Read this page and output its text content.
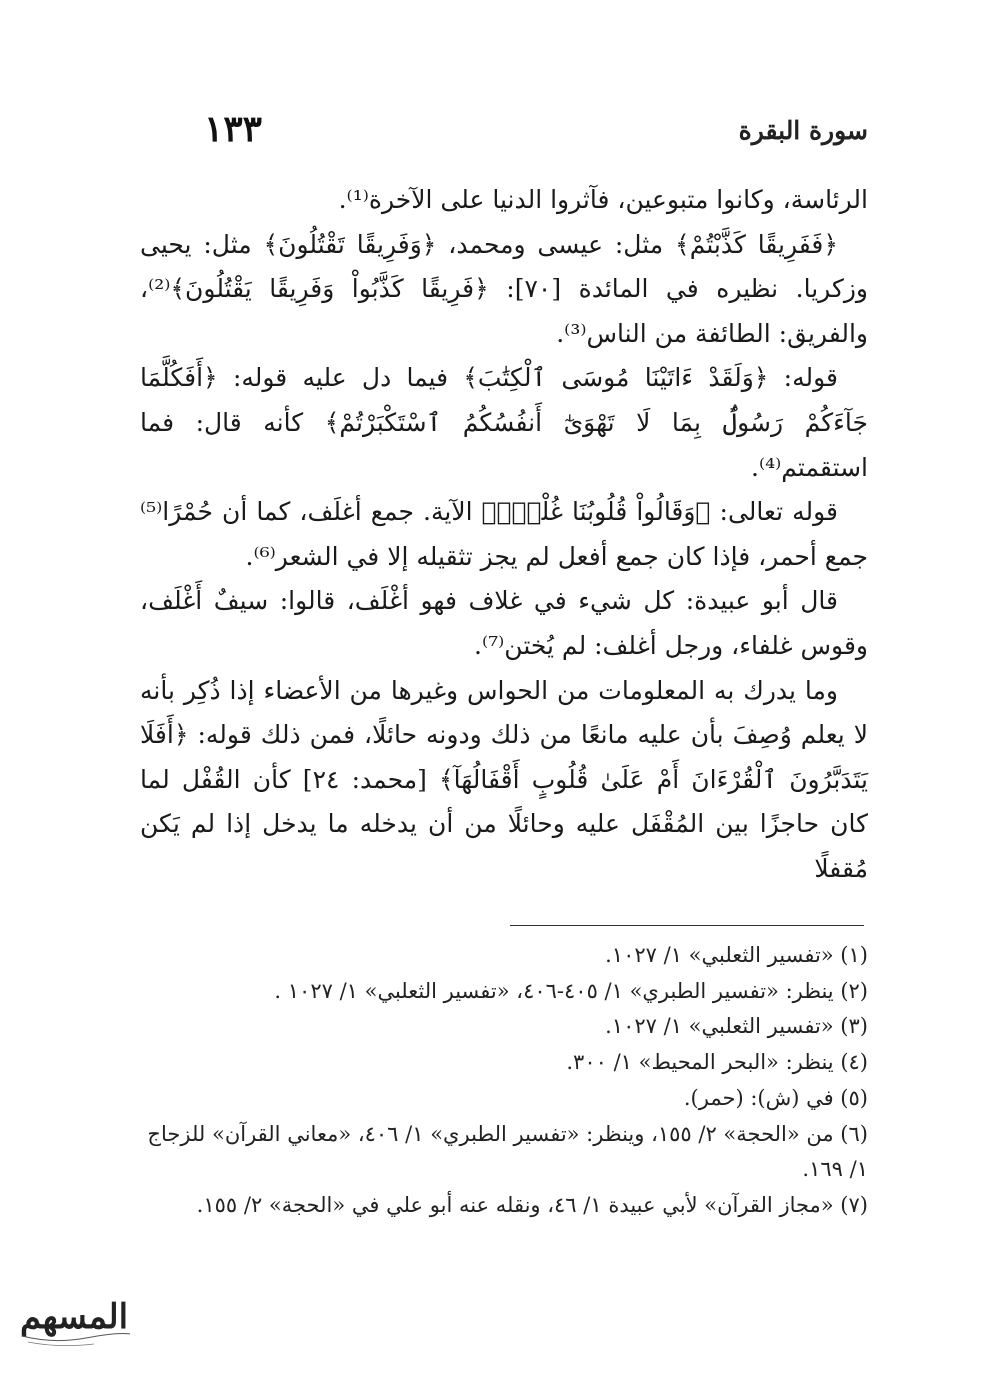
سورة البقرة
١٣٣

الرئاسة، وكانوا متبوعين، فآثروا الدنيا على الآخرة⁽¹⁾.

﴿فَفَرِيقًا كَذَّبْتُمْ﴾ مثل: عيسى ومحمد، ﴿وَفَرِيقًا تَقْتُلُونَ﴾ مثل: يحيى وزكريا. نظيره في المائدة [٧٠]: ﴿فَرِيقًا كَذَّبُواْ وَفَرِيقًا يَقْتُلُونَ﴾⁽²⁾، والفريق: الطائفة من الناس⁽³⁾.

قوله: ﴿وَلَقَدْ ءَاتَيْنَا مُوسَى ٱلْكِتَٰبَ﴾ فيما دل عليه قوله: ﴿أَفَكُلَّمَا جَآءَكُمْ رَسُولٌۢ بِمَا لَا تَهْوَىٰٓ أَنفُسُكُمُ ٱسْتَكْبَرْتُمْ﴾ كأنه قال: فما استقمتم⁽⁴⁾.

قوله تعالى: ﴿وَقَالُواْ قُلُوبُنَا غُلْفٌۢ﴾ الآية. جمع أغلَف، كما أن حُمْرًا⁽⁵⁾ جمع أحمر، فإذا كان جمع أفعل لم يجز تثقيله إلا في الشعر⁽⁶⁾.

قال أبو عبيدة: كل شيء في غلاف فهو أغْلَف، قالوا: سيفٌ أَغْلَف، وقوس غلفاء، ورجل أغلف: لم يُختن⁽⁷⁾.

وما يدرك به المعلومات من الحواس وغيرها من الأعضاء إذا ذُكِر بأنه لا يعلم وُصِفَ بأن عليه مانعًا من ذلك ودونه حائلًا، فمن ذلك قوله: ﴿أَفَلَا يَتَدَبَّرُونَ ٱلْقُرْءَانَ أَمْ عَلَىٰ قُلُوبٍ أَقْفَالُهَآ﴾ [محمد: ٢٤] كأن القُفْل لما كان حاجزًا بين المُقْفَل عليه وحائلًا من أن يدخله ما يدخل إذا لم يَكن مُقفلًا

(١) «تفسير الثعلبي» ١/ ١٠٢٧.

(٢) ينظر: «تفسير الطبري» ١/ ٤٠٥-٤٠٦، «تفسير الثعلبي» ١/ ١٠٢٧ .

(٣) «تفسير الثعلبي» ١/ ١٠٢٧.

(٤) ينظر: «البحر المحيط» ١/ ٣٠٠.

(٥) في (ش): (حمر).

(٦) من «الحجة» ٢/ ١٥٥، وينظر: «تفسير الطبري» ١/ ٤٠٦، «معاني القرآن» للزجاج ١/ ١٦٩.

(٧) «مجاز القرآن» لأبي عبيدة ١/ ٤٦، ونقله عنه أبو علي في «الحجة» ٢/ ١٥٥.

المسهم
